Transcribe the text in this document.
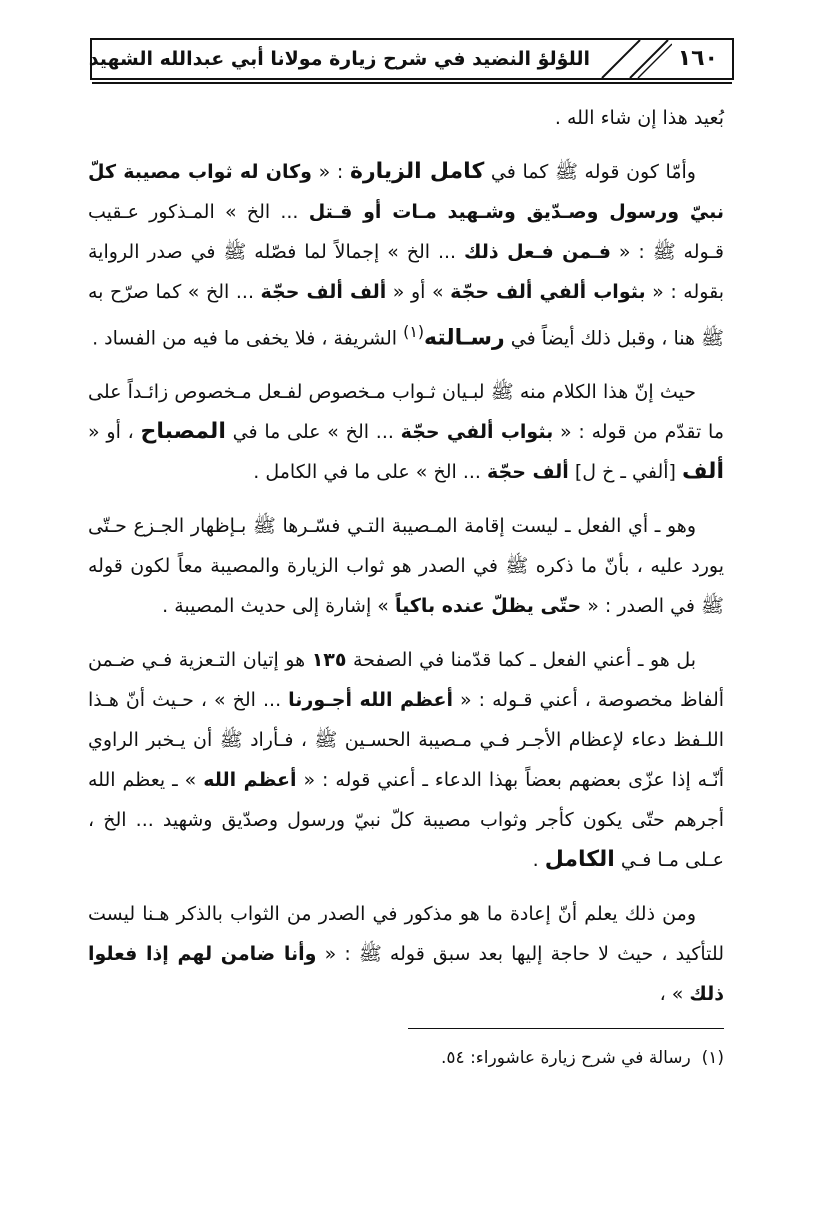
١٦٠
اللؤلؤ النضيد في شرح زيارة مولانا أبي عبدالله الشهيد

بُعيد هذا إن شاء الله .

وأمّا كون قوله ﷺ كما في كامل الزيارة : « وكان له ثواب مصيبة كلّ نبيّ ورسول وصـدّيق وشـهيد مـات أو قـتل ... الخ » المـذكور عـقيب قـوله ﷺ : « فـمن فـعل ذلك ... الخ » إجمالاً لما فصّله ﷺ في صدر الرواية بقوله : « بثواب ألفي ألف حجّة » أو « ألف ألف حجّة ... الخ » كما صرّح به ﷺ هنا ، وقبل ذلك أيضاً في رسـالته$^{(١)}$ الشريفة ، فلا يخفى ما فيه من الفساد .

حيث إنّ هذا الكلام منه ﷺ لبـيان ثـواب مـخصوص لفـعل مـخصوص زائـداً على ما تقدّم من قوله : « بثواب ألفي حجّة ... الخ » على ما في المصباح ، أو « ألف [ألفي ـ خ ل] ألف حجّة ... الخ » على ما في الكامل .

وهو ـ أي الفعل ـ ليست إقامة المـصيبة التـي فسّـرها ﷺ بـإظهار الجـزع حـتّى يورد عليه ، بأنّ ما ذكره ﷺ في الصدر هو ثواب الزيارة والمصيبة معاً لكون قوله ﷺ في الصدر : « حتّى يظلّ عنده باكياً » إشارة إلى حديث المصيبة .

بل هو ـ أعني الفعل ـ كما قدّمنا في الصفحة ١٣٥ هو إتيان التـعزية فـي ضـمن ألفاظ مخصوصة ، أعني قـوله : « أعظم الله أجـورنا ... الخ » ، حـيث أنّ هـذا اللـفظ دعاء لإعظام الأجـر فـي مـصيبة الحسـين ﷺ ، فـأراد ﷺ أن يـخبر الراوي أنّـه إذا عزّى بعضهم بعضاً بهذا الدعاء ـ أعني قوله : « أعظم الله » ـ يعظم الله أجرهم حتّى يكون كأجر وثواب مصيبة كلّ نبيّ ورسول وصدّيق وشهيد ... الخ ، عـلى مـا فـي الكامل .

ومن ذلك يعلم أنّ إعادة ما هو مذكور في الصدر من الثواب بالذكر هـنا ليست للتأكيد ، حيث لا حاجة إليها بعد سبق قوله ﷺ : « وأنا ضامن لهم إذا فعلوا ذلك » ،

(١)  رسالة في شرح زيارة عاشوراء: ٥٤.
